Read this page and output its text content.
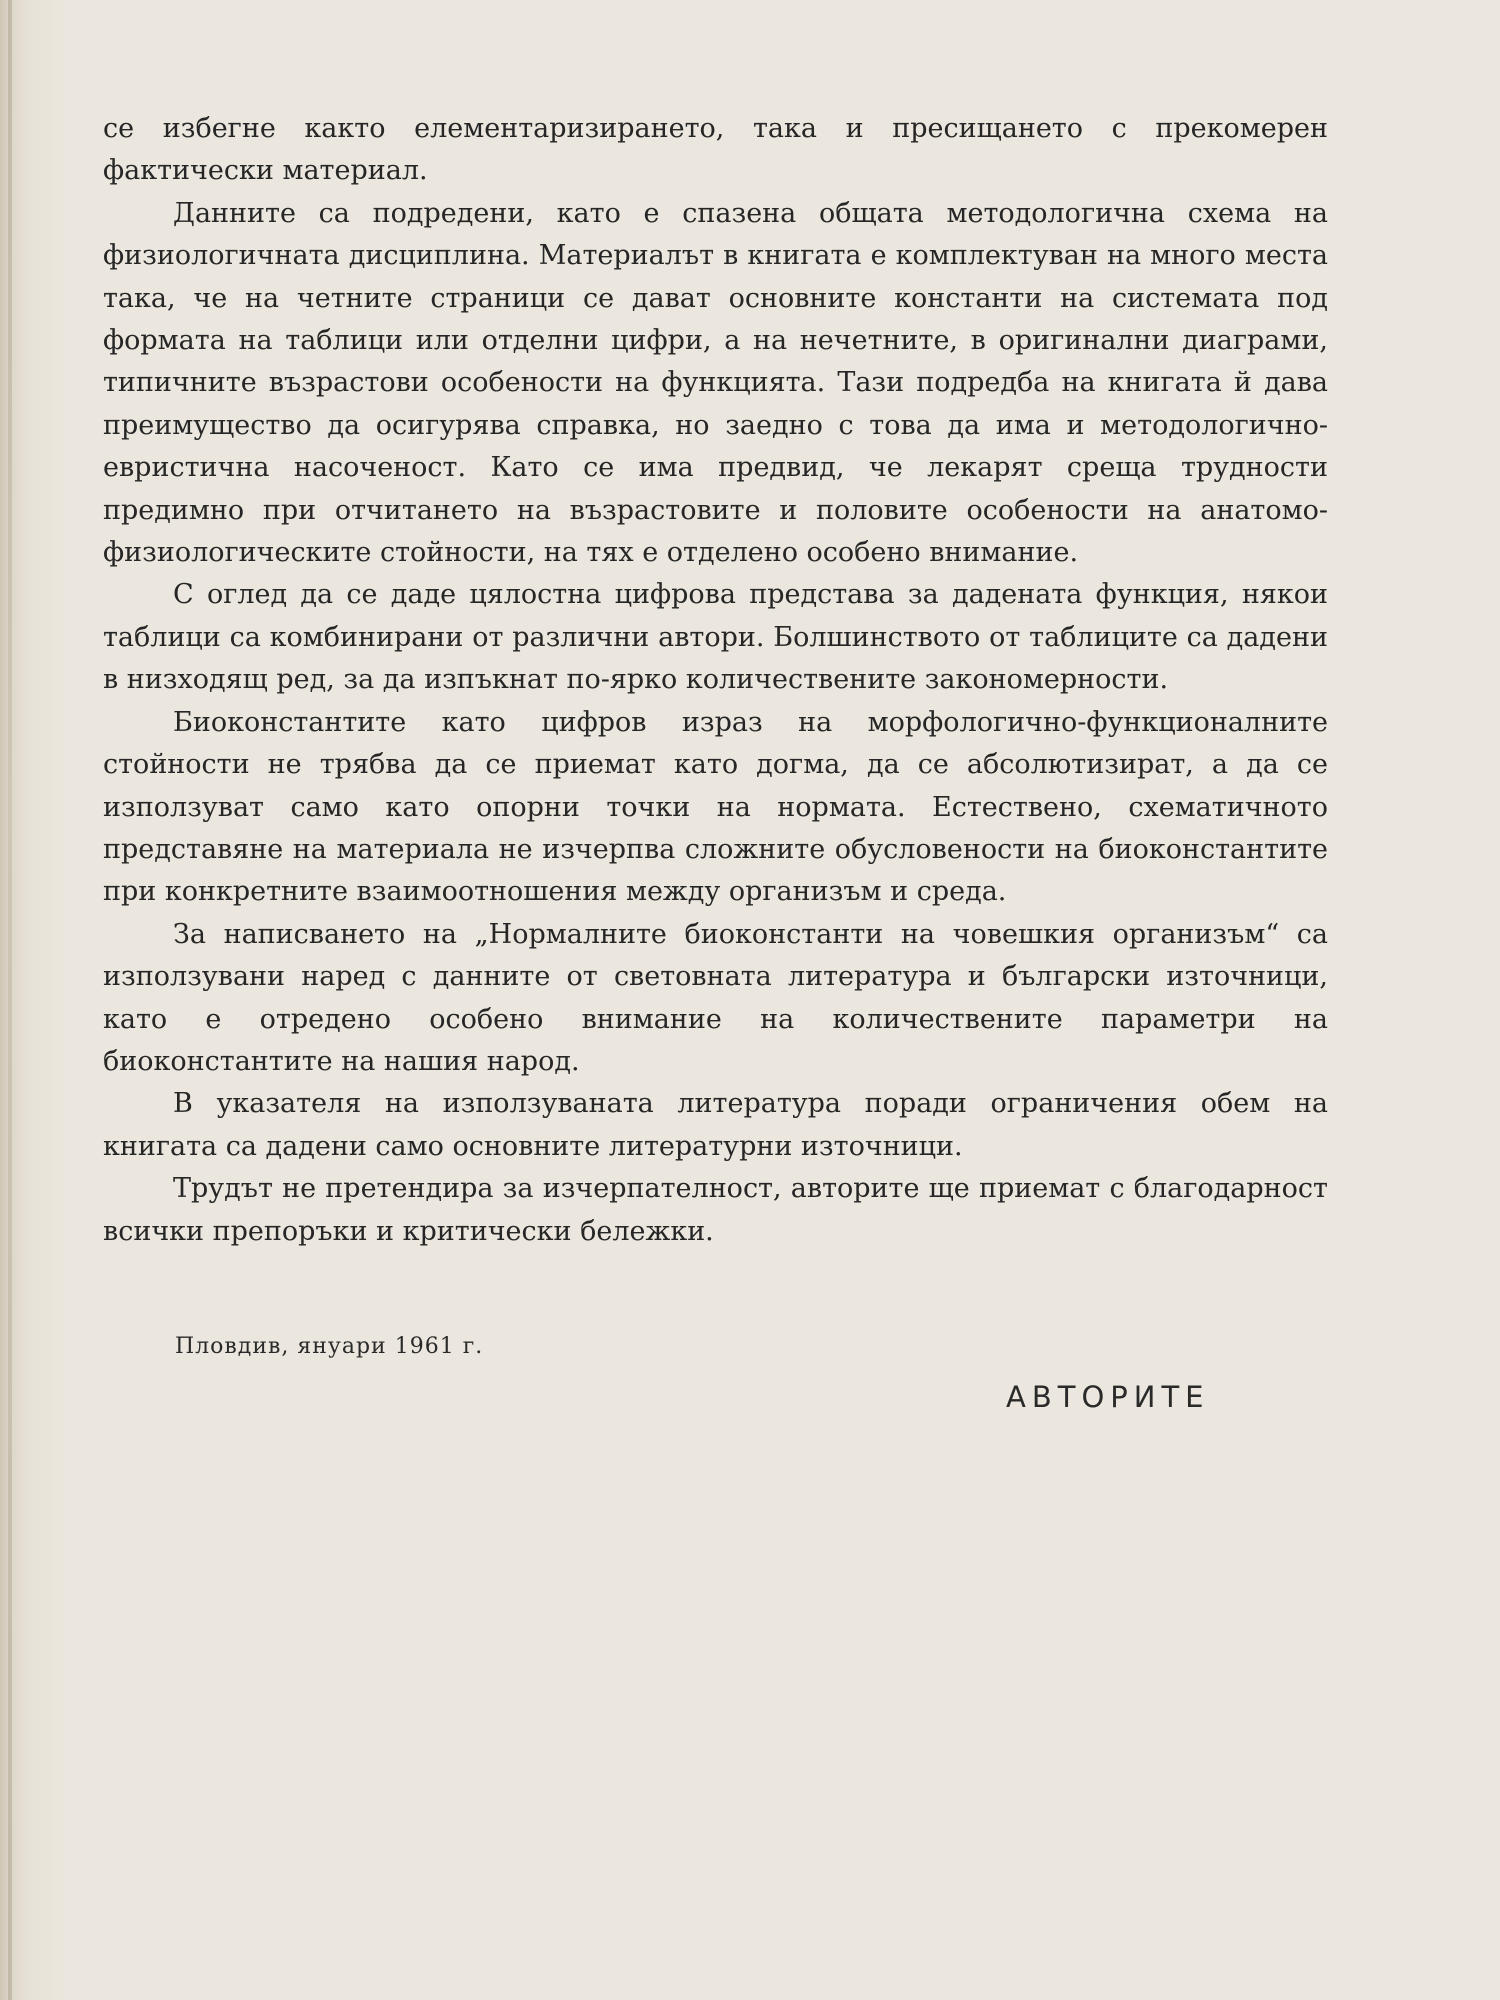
се избегне както елементаризирането, така и пресищането с прекомерен фактически материал.

Данните са подредени, като е спазена общата методологична схема на физиологичната дисциплина. Материалът в книгата е комплектуван на много места така, че на четните страници се дават основните константи на системата под формата на таблици или отделни цифри, а на нечетните, в оригинални диаграми, типичните възрастови особености на функцията. Тази подредба на книгата й дава преимущество да осигурява справка, но заедно с това да има и методологично-евристична насоченост. Като се има предвид, че лекарят среща трудности предимно при отчитането на възрастовите и половите особености на анатомо-физиологическите стойности, на тях е отделено особено внимание.

С оглед да се даде цялостна цифрова представа за дадената функция, някои таблици са комбинирани от различни автори. Болшинството от таблиците са дадени в низходящ ред, за да изпъкнат по-ярко количествените закономерности.

Биоконстантите като цифров израз на морфологично-функционалните стойности не трябва да се приемат като догма, да се абсолютизират, а да се използуват само като опорни точки на нормата. Естествено, схематичното представяне на материала не изчерпва сложните обусловености на биоконстантите при конкретните взаимоотношения между организъм и среда.

За написването на „Нормалните биоконстанти на човешкия организъм“ са използувани наред с данните от световната литература и български източници, като е отредено особено внимание на количествените параметри на биоконстантите на нашия народ.

В указателя на използуваната литература поради ограничения обем на книгата са дадени само основните литературни източници.

Трудът не претендира за изчерпателност, авторите ще приемат с благодарност всички препоръки и критически бележки.

Пловдив, януари 1961 г.
АВТОРИТЕ
